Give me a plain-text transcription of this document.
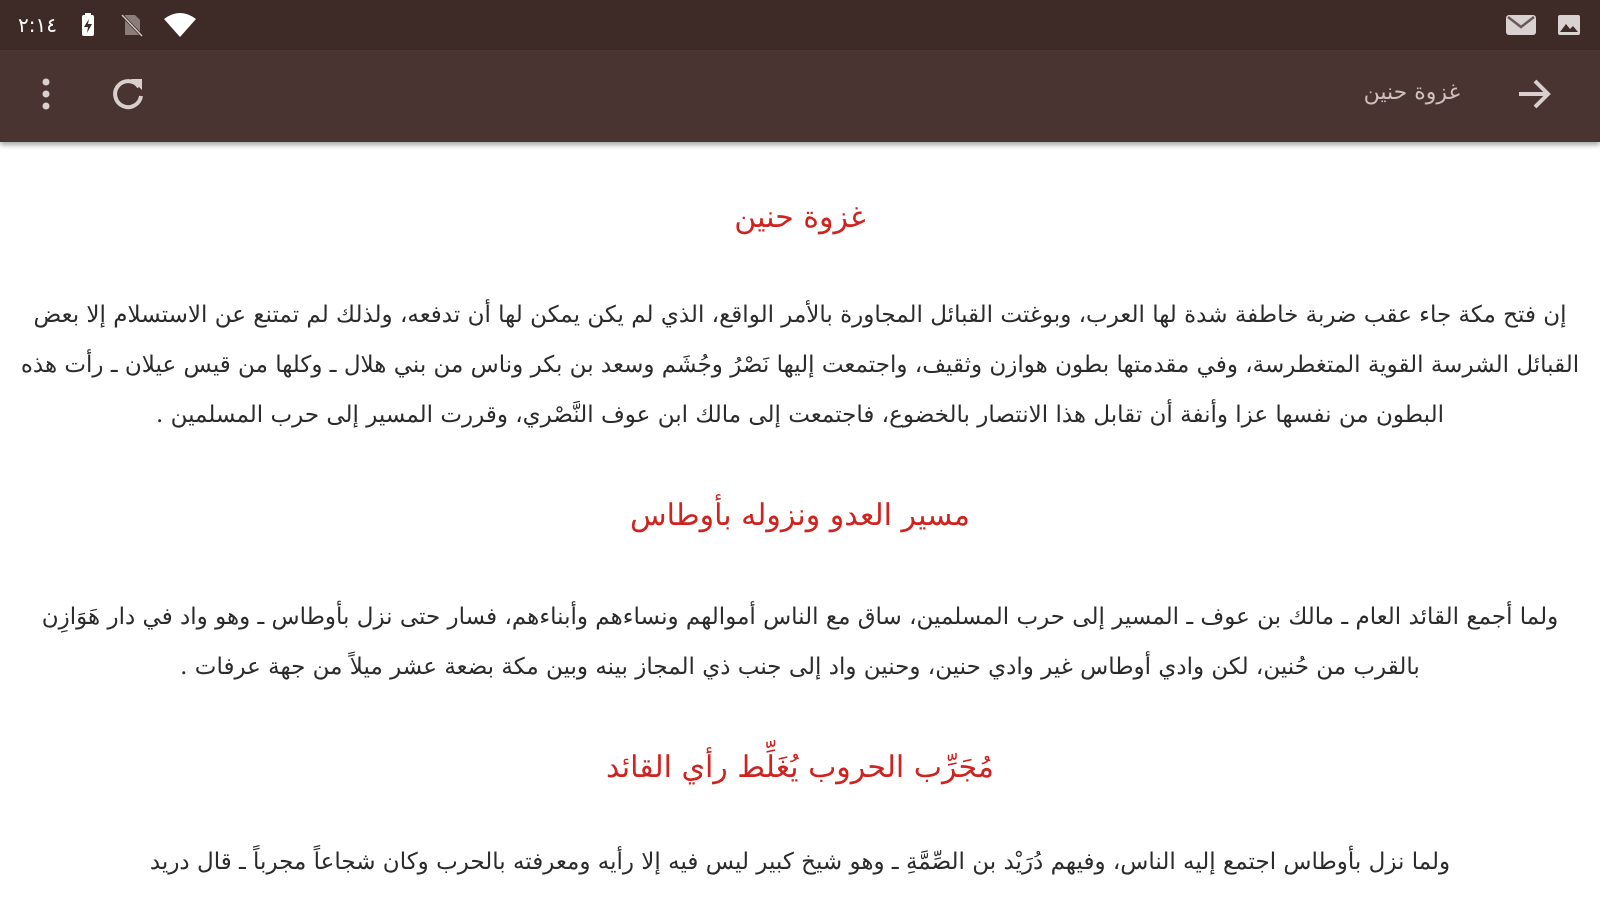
٢:١٤
غزوة حنين
غزوة حنين

إن فتح مكة جاء عقب ضربة خاطفة شدة لها العرب، وبوغتت القبائل المجاورة بالأمر الواقع، الذي لم يكن يمكن لها أن تدفعه، ولذلك لم تمتنع عن الاستسلام إلا بعض القبائل الشرسة القوية المتغطرسة، وفي مقدمتها بطون هوازن وثقيف، واجتمعت إليها نَصْرُ وجُشَم وسعد بن بكر وناس من بني هلال ـ وكلها من قيس عيلان ـ رأت هذه البطون من نفسها عزا وأنفة أن تقابل هذا الانتصار بالخضوع، فاجتمعت إلى مالك ابن عوف النَّصْري، وقررت المسير إلى حرب المسلمين .

مسير العدو ونزوله بأوطاس

ولما أجمع القائد العام ـ مالك بن عوف ـ المسير إلى حرب المسلمين، ساق مع الناس أموالهم ونساءهم وأبناءهم، فسار حتى نزل بأوطاس ـ وهو واد في دار هَوَازِن بالقرب من حُنين، لكن وادي أوطاس غير وادي حنين، وحنين واد إلى جنب ذي المجاز بينه وبين مكة بضعة عشر ميلاً من جهة عرفات .

مُجَرِّب الحروب يُغَلِّط رأي القائد

ولما نزل بأوطاس اجتمع إليه الناس، وفيهم دُرَيْد بن الصِّمَّةِ ـ وهو شيخ كبير ليس فيه إلا رأيه ومعرفته بالحرب وكان شجاعاً مجرباً ـ قال دريد
